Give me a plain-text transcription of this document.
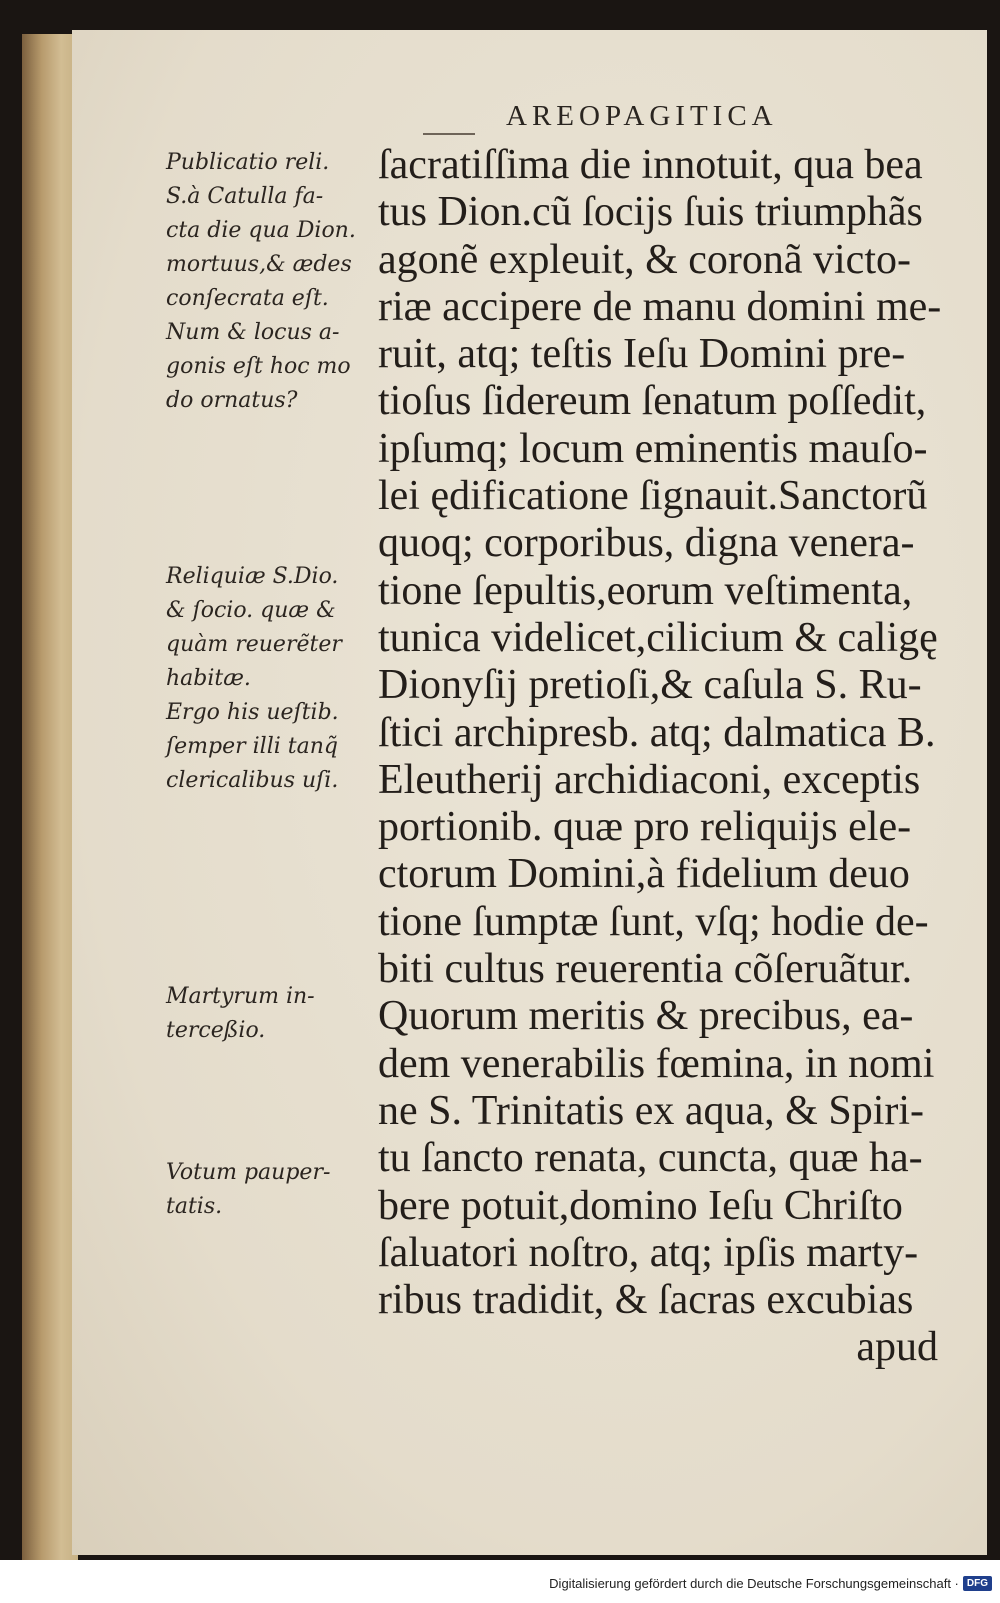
AREOPAGITICA
ſacratiſſima die innotuit, qua bea
tus Dion.cũ ſocijs ſuis triumphãs
agonẽ expleuit, & coronã victo-
riæ accipere de manu domini me-
ruit, atq; teſtis Ieſu Domini pre-
tioſus ſidereum ſenatum poſſedit,
ipſumq; locum eminentis mauſo-
lei ędificatione ſignauit.Sanctorũ
quoq; corporibus, digna venera-
tione ſepultis,eorum veſtimenta,
tunica videlicet,cilicium & caligę
Dionyſij pretioſi,& caſula S. Ru-
ſtici archipresb. atq; dalmatica B.
Eleutherij archidiaconi, exceptis
portionib. quæ pro reliquijs ele-
ctorum Domini,à fidelium deuo
tione ſumptæ ſunt, vſq; hodie de-
biti cultus reuerentia cõſeruãtur.
Quorum meritis & precibus, ea-
dem venerabilis fœmina, in nomi
ne S. Trinitatis ex aqua, & Spiri-
tu ſancto renata, cuncta, quæ ha-
bere potuit,domino Ieſu Chriſto
ſaluatori noſtro, atq; ipſis marty-
ribus tradidit, & ſacras excubias
apud
Publicatio reli.
S.à Catulla fa-
cta die qua Dion.
mortuus,& ædes
conſecrata eſt.
Num & locus a-
gonis eſt hoc mo
do ornatus?
Reliquiæ S.Dio.
& ſocio. quæ &
quàm reuerẽter
habitæ.
Ergo his ueſtib.
ſemper illi tanq̃
clericalibus uſi.
Martyrum in-
terceßio.
Votum pauper-
tatis.
Digitalisierung gefördert durch die Deutsche Forschungsgemeinschaft · DFG
